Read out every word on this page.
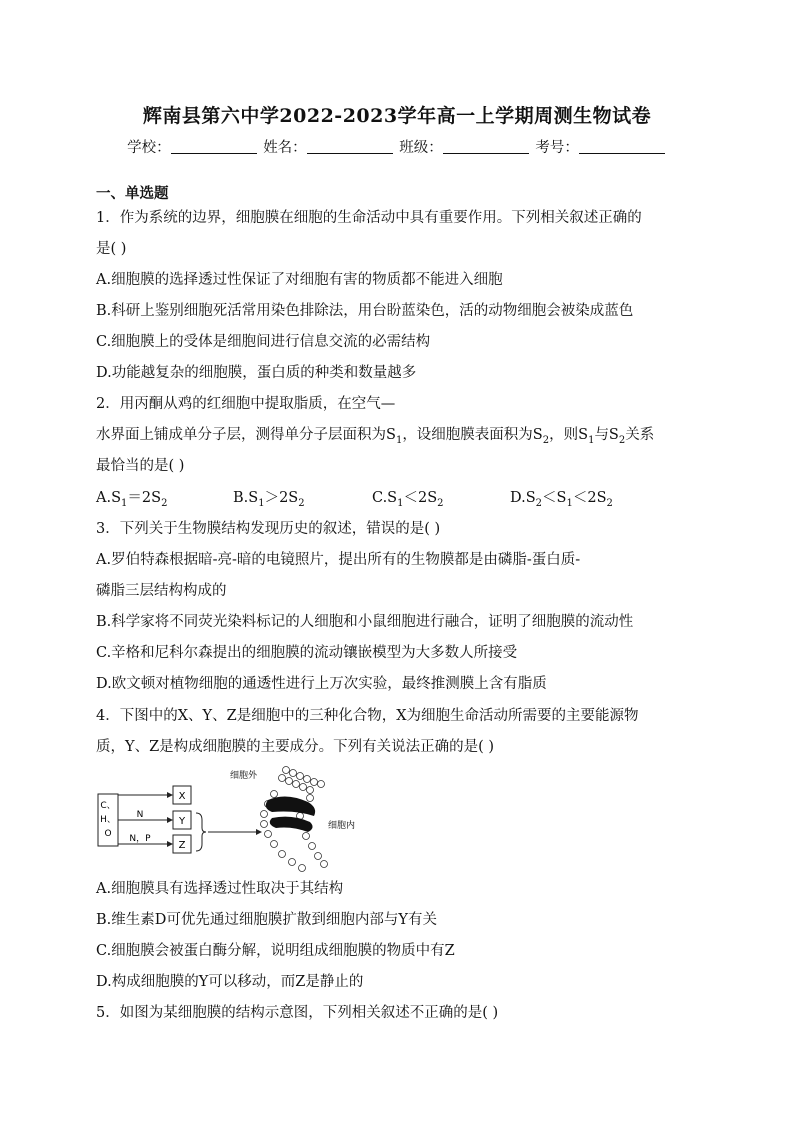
辉南县第六中学2022-2023学年高一上学期周测生物试卷
学校：	姓名：	班级：	考号：
一、单选题
1．作为系统的边界，细胞膜在细胞的生命活动中具有重要作用。下列相关叙述正确的
是( )
A.细胞膜的选择透过性保证了对细胞有害的物质都不能进入细胞
B.科研上鉴别细胞死活常用染色排除法，用台盼蓝染色，活的动物细胞会被染成蓝色
C.细胞膜上的受体是细胞间进行信息交流的必需结构
D.功能越复杂的细胞膜，蛋白质的种类和数量越多
2．用丙酮从鸡的红细胞中提取脂质，在空气—
水界面上铺成单分子层，测得单分子层面积为$S_1$，设细胞膜表面积为$S_2$，则$S_1$与$S_2$关系
最恰当的是( )
$A.S_1=2S_2$	$B.S_1>2S_2$	$C.S_1<2S_2$	$D.S_2<S_1<2S_2$
3．下列关于生物膜结构发现历史的叙述，错误的是( )
A.罗伯特森根据暗-亮-暗的电镜照片，提出所有的生物膜都是由磷脂-蛋白质-
磷脂三层结构构成的
B.科学家将不同荧光染料标记的人细胞和小鼠细胞进行融合，证明了细胞膜的流动性
C.辛格和尼科尔森提出的细胞膜的流动镶嵌模型为大多数人所接受
D.欧文顿对植物细胞的通透性进行上万次实验，最终推测膜上含有脂质
4．下图中的X、Y、Z是细胞中的三种化合物，X为细胞生命活动所需要的主要能源物
质，Y、Z是构成细胞膜的主要成分。下列有关说法正确的是( )
C、
H、
O
N
N，P
X
Y
Z
细胞外
细胞内
A.细胞膜具有选择透过性取决于其结构
B.维生素D可优先通过细胞膜扩散到细胞内部与Y有关
C.细胞膜会被蛋白酶分解，说明组成细胞膜的物质中有Z
D.构成细胞膜的Y可以移动，而Z是静止的
5．如图为某细胞膜的结构示意图，下列相关叙述不正确的是( )
